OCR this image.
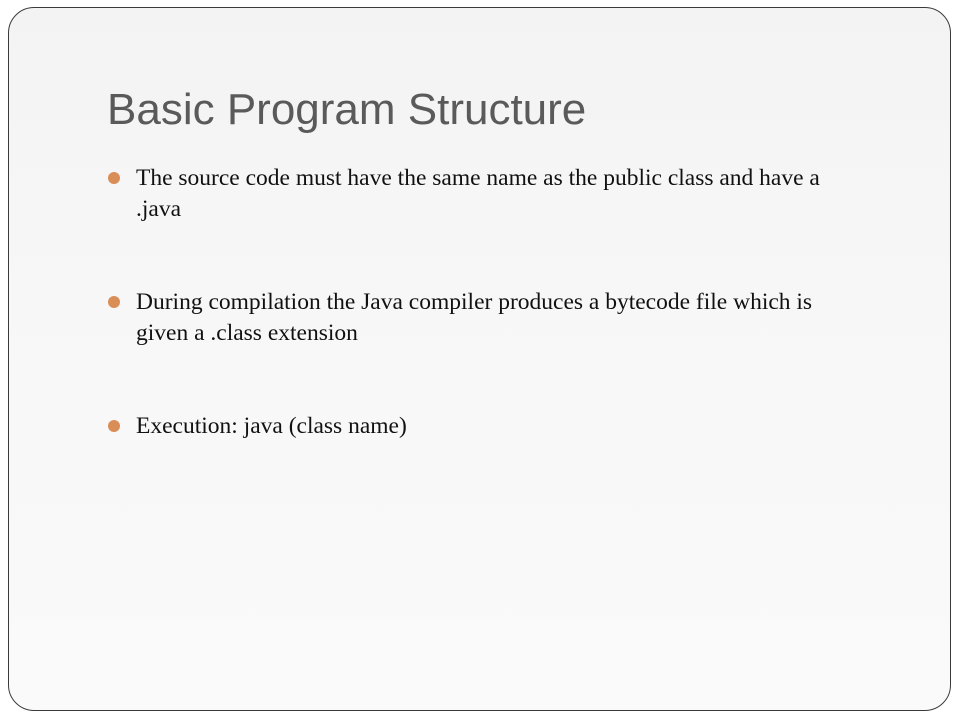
Basic Program Structure
The source code must have the same name as the public class and have a .java
During compilation the Java compiler produces a bytecode file which is given a .class extension
Execution: java (class name)
